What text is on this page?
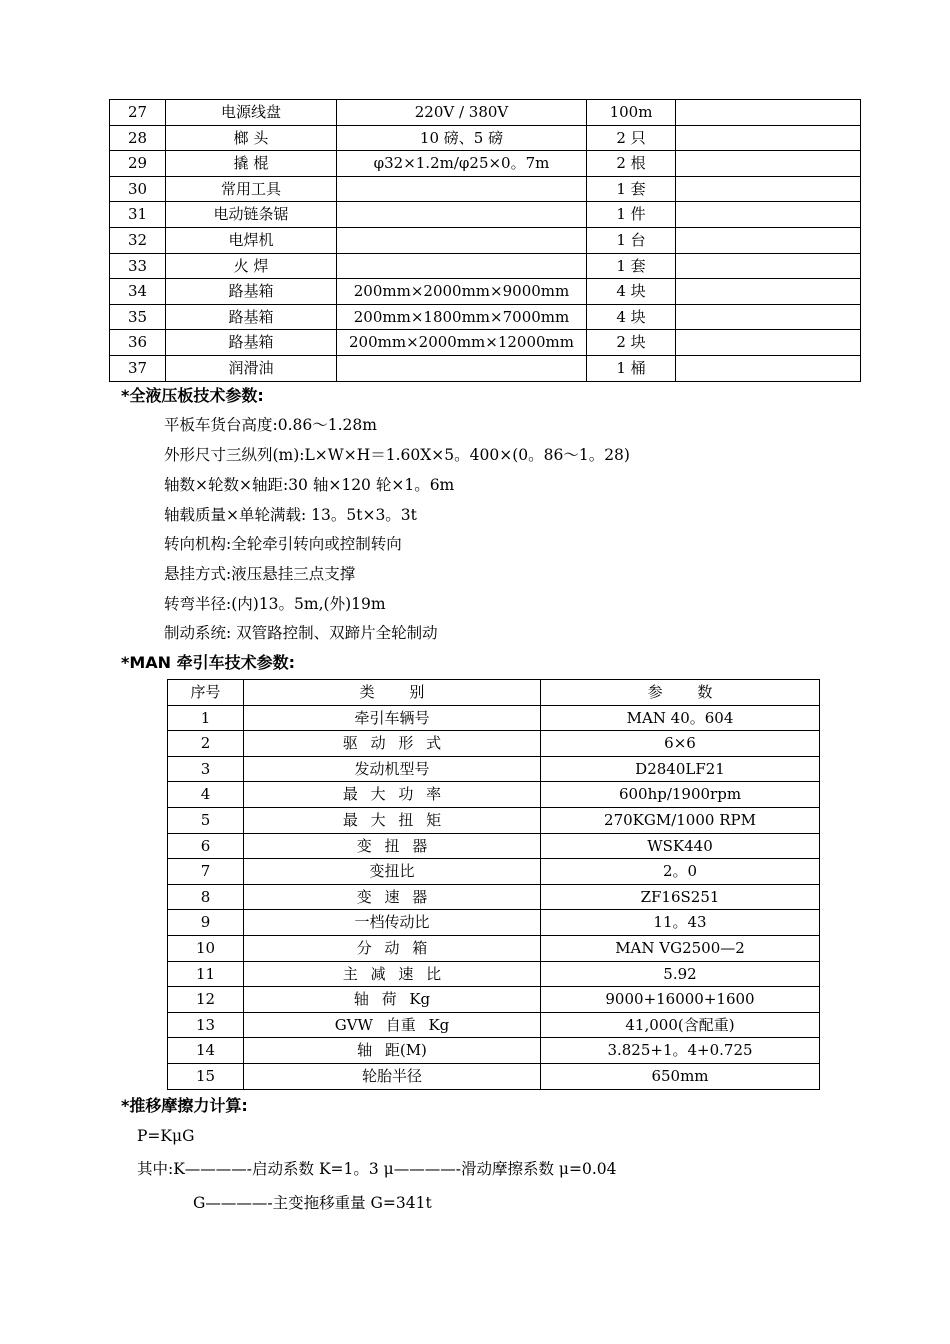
27	电源线盘	220V / 380V	100m	
28	榔 头	10 磅、5 磅	2 只	
29	撬 棍	φ32×1.2m/φ25×0。7m	2 根	
30	常用工具		1 套	
31	电动链条锯		1 件	
32	电焊机		1 台	
33	火 焊		1 套	
34	路基箱	200mm×2000mm×9000mm	4 块	
35	路基箱	200mm×1800mm×7000mm	4 块	
36	路基箱	200mm×2000mm×12000mm	2 块	
37	润滑油		1 桶	
*全液压板技术参数:
平板车货台高度:0.86～1.28m
外形尺寸三纵列(m):L×W×H＝1.60X×5。400×(0。86～1。28)
轴数×轮数×轴距:30 轴×120 轮×1。6m
轴载质量×单轮满载: 13。5t×3。3t
转向机构:全轮牵引转向或控制转向
悬挂方式:液压悬挂三点支撑
转弯半径:(内)13。5m,(外)19m
制动系统: 双管路控制、双蹄片全轮制动
*MAN 牵引车技术参数:
序号	类 别	参 数
1	牵引车辆号	MAN 40。604
2	驱 动 形 式	6×6
3	发动机型号	D2840LF21
4	最 大 功 率	600hp/1900rpm
5	最 大 扭 矩	270KGM/1000 RPM
6	变 扭 器	WSK440
7	变扭比	2。0
8	变 速 器	ZF16S251
9	一档传动比	11。43
10	分 动 箱	MAN VG2500—2
11	主 减 速 比	5.92
12	轴 荷 Kg	9000+16000+1600
13	GVW 自重 Kg	41,000(含配重)
14	轴 距(M)	3.825+1。4+0.725
15	轮胎半径	650mm
*推移摩擦力计算:
P=KμG
其中:K————-启动系数 K=1。3 μ————-滑动摩擦系数 μ=0.04
G————-主变拖移重量 G=341t
